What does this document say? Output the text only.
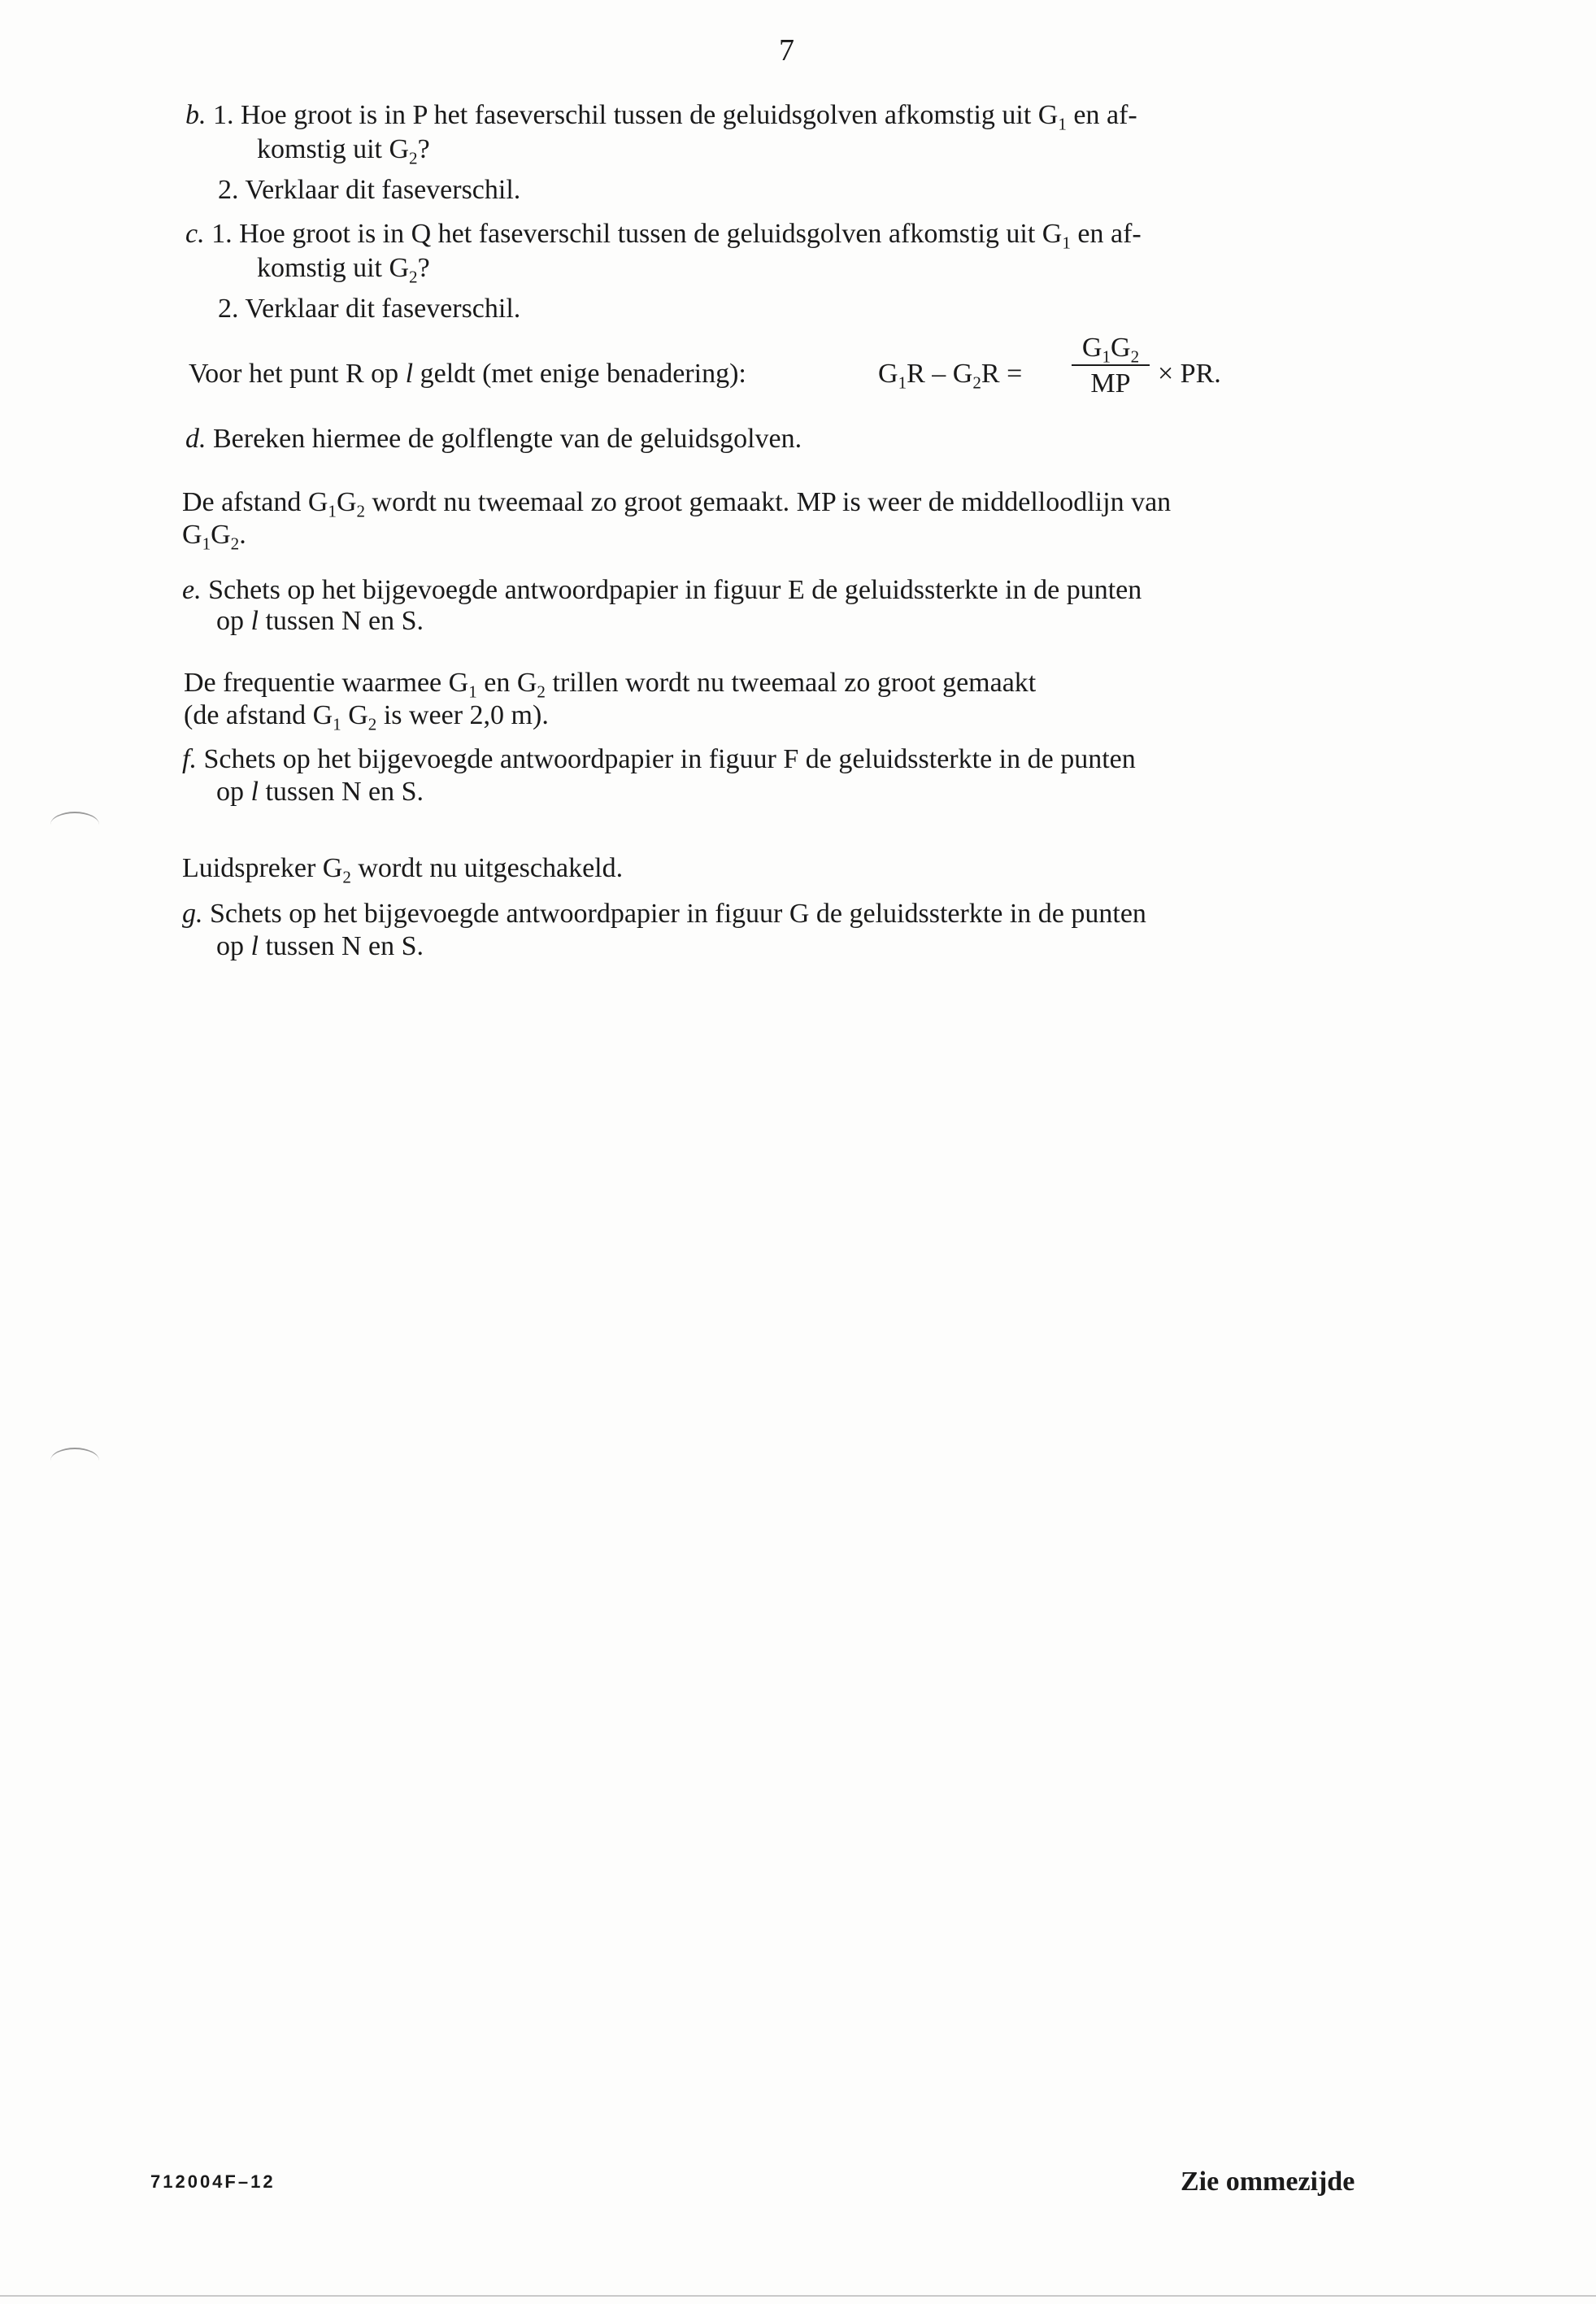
7
b. 1. Hoe groot is in P het faseverschil tussen de geluidsgolven afkomstig uit $G_1$ en af-
komstig uit $G_2$?
2. Verklaar dit faseverschil.
c. 1. Hoe groot is in Q het faseverschil tussen de geluidsgolven afkomstig uit $G_1$ en af-
komstig uit $G_2$?
2. Verklaar dit faseverschil.
Voor het punt R op l geldt (met enige benadering):	$G_1R - G_2R$ =
$G_1G_2$
MP × PR.
d. Bereken hiermee de golflengte van de geluidsgolven.
De afstand $G_1G_2$ wordt nu tweemaal zo groot gemaakt. MP is weer de middelloodlijn van
$G_1G_2$.
e. Schets op het bijgevoegde antwoordpapier in figuur E de geluidssterkte in de punten
op l tussen N en S.
De frequentie waarmee $G_1$ en $G_2$ trillen wordt nu tweemaal zo groot gemaakt
(de afstand $G_1$ $G_2$ is weer 2,0 m).
f. Schets op het bijgevoegde antwoordpapier in figuur F de geluidssterkte in de punten
op l tussen N en S.
Luidspreker $G_2$ wordt nu uitgeschakeld.
g. Schets op het bijgevoegde antwoordpapier in figuur G de geluidssterkte in de punten
op l tussen N en S.
712004F–12	Zie ommezijde
